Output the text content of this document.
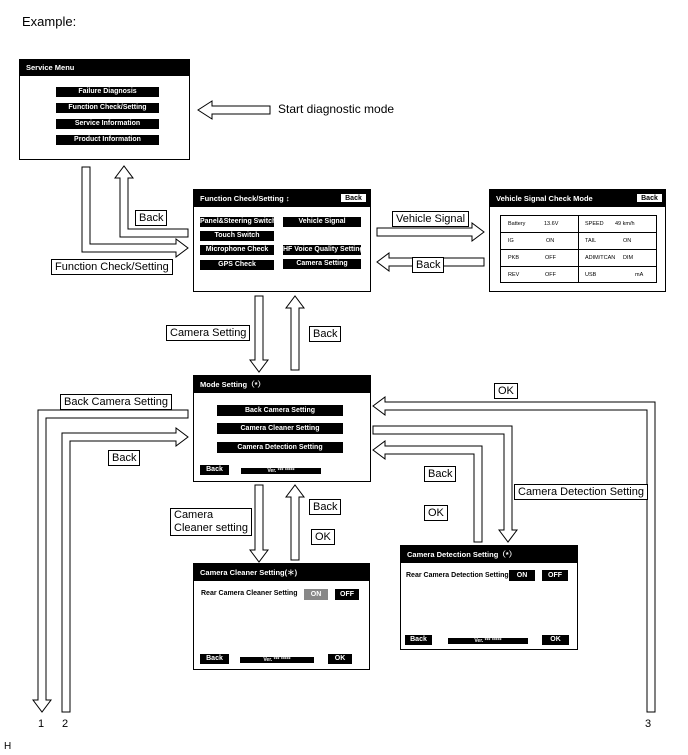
Example:
Service Menu
Failure Diagnosis
Function Check/Setting
Service Information
Product Information
Start diagnostic mode
Function Check/Setting ↕	Back
Panel&Steering Switch
Touch Switch
Microphone Check
GPS Check
Vehicle Signal
HF Voice Quality Setting
Camera Setting
Vehicle Signal Check Mode	Back
Battery	13.6V	SPEED 49 km/h
IG	ON	TAIL	ON
PKB	OFF	ADIM/TCAN DIM
REV	OFF	USB	mA
Mode Setting（*）
Back Camera Setting
Camera Cleaner Setting
Camera Detection Setting
Back	Ver. *** *****
Camera Cleaner Setting(＊)
Rear Camera Cleaner Setting	ON	OFF
Back	Ver. *** *****	OK
Camera Detection Setting（*）
Rear Camera Detection Setting	ON	OFF
Back	Ver. *** *****	OK
Back
Function Check/Setting
Vehicle Signal
Back
Camera Setting	Back
OK
Back Camera Setting
Back
Back
Camera Detection Setting
OK
Camera
Cleaner setting
Back
OK
1 2	3
H
